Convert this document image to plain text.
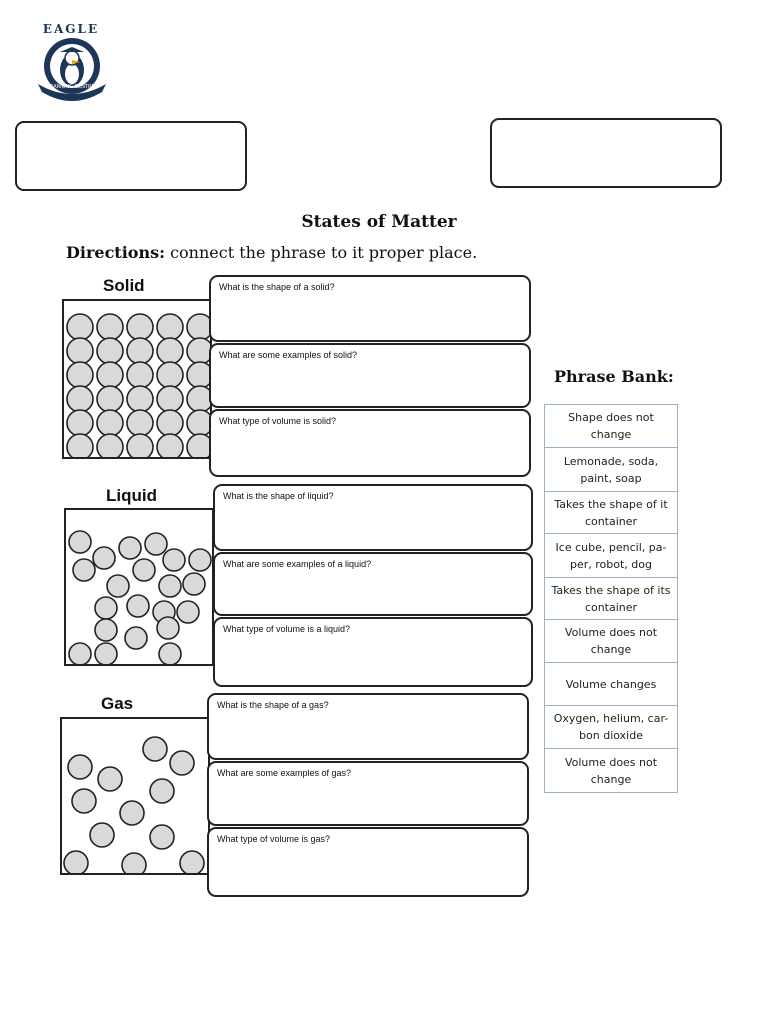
EAGLE
LEARNING CENTRE
States of Matter
Directions: connect the phrase to it proper place.
Solid
Liquid
Gas
What is the shape of a solid?
What are some examples of solid?
What type of volume is solid?
What is the shape of liquid?
What are some examples of a liquid?
What type of volume is a liquid?
What is the shape of a gas?
What are some examples of gas?
What type of volume is gas?
Phrase Bank:
Shape does not change
Lemonade, soda, paint, soap
Takes the shape of it container
Ice cube, pencil, pa-per, robot, dog
Takes the shape of its container
Volume does not change
Volume changes
Oxygen, helium, car-bon dioxide
Volume does not change
